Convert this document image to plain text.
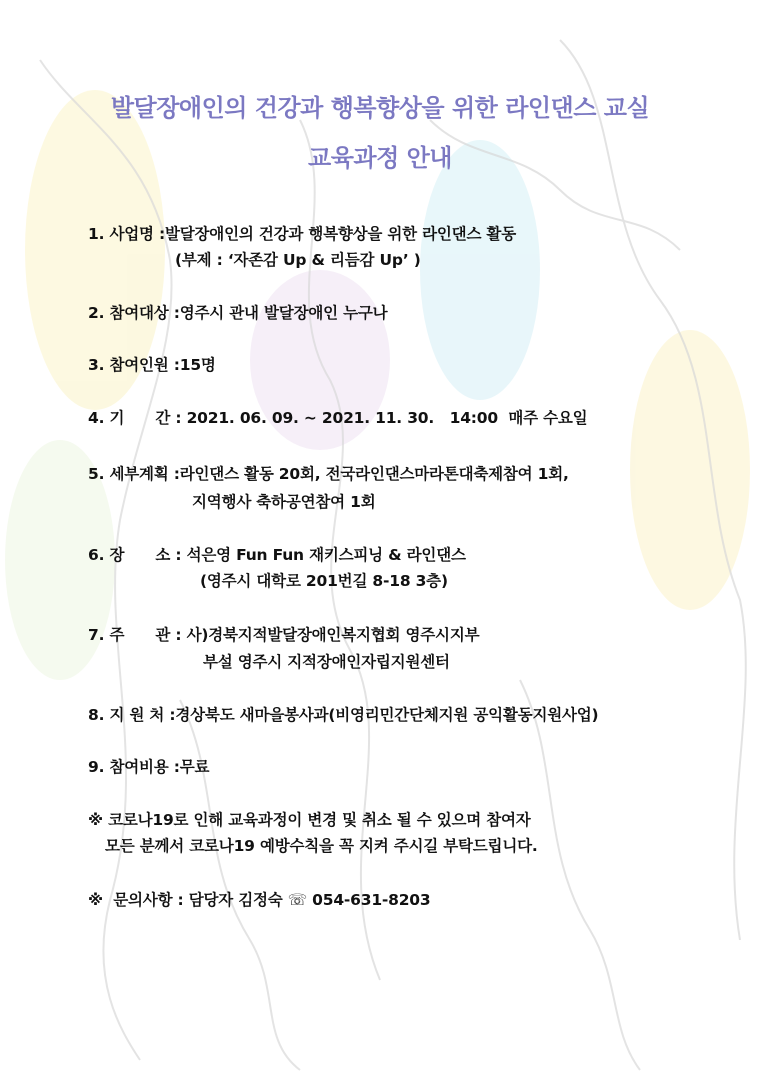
발달장애인의 건강과 행복향상을 위한 라인댄스 교실
교육과정 안내
1. 사업명 :발달장애인의 건강과 행복향상을 위한 라인댄스 활동
(부제 : ‘자존감 Up & 리듬감 Up’ )
2. 참여대상 :영주시 관내 발달장애인 누구나
3. 참여인원 :15명
4. 기      간 : 2021. 06. 09. ~ 2021. 11. 30.   14:00  매주 수요일
5. 세부계획 :라인댄스 활동 20회, 전국라인댄스마라톤대축제참여 1회,
지역행사 축하공연참여 1회
6. 장      소 : 석은영 Fun Fun 재키스피닝 & 라인댄스
(영주시 대학로 201번길 8-18 3층)
7. 주      관 : 사)경북지적발달장애인복지협회 영주시지부
부설 영주시 지적장애인자립지원센터
8. 지 원 처 :경상북도 새마을봉사과(비영리민간단체지원 공익활동지원사업)
9. 참여비용 :무료
※ 코로나19로 인해 교육과정이 변경 및 취소 될 수 있으며 참여자
모든 분께서 코로나19 예방수칙을 꼭 지켜 주시길 부탁드립니다.
※  문의사항 : 담당자 김정숙 ☏ 054-631-8203
